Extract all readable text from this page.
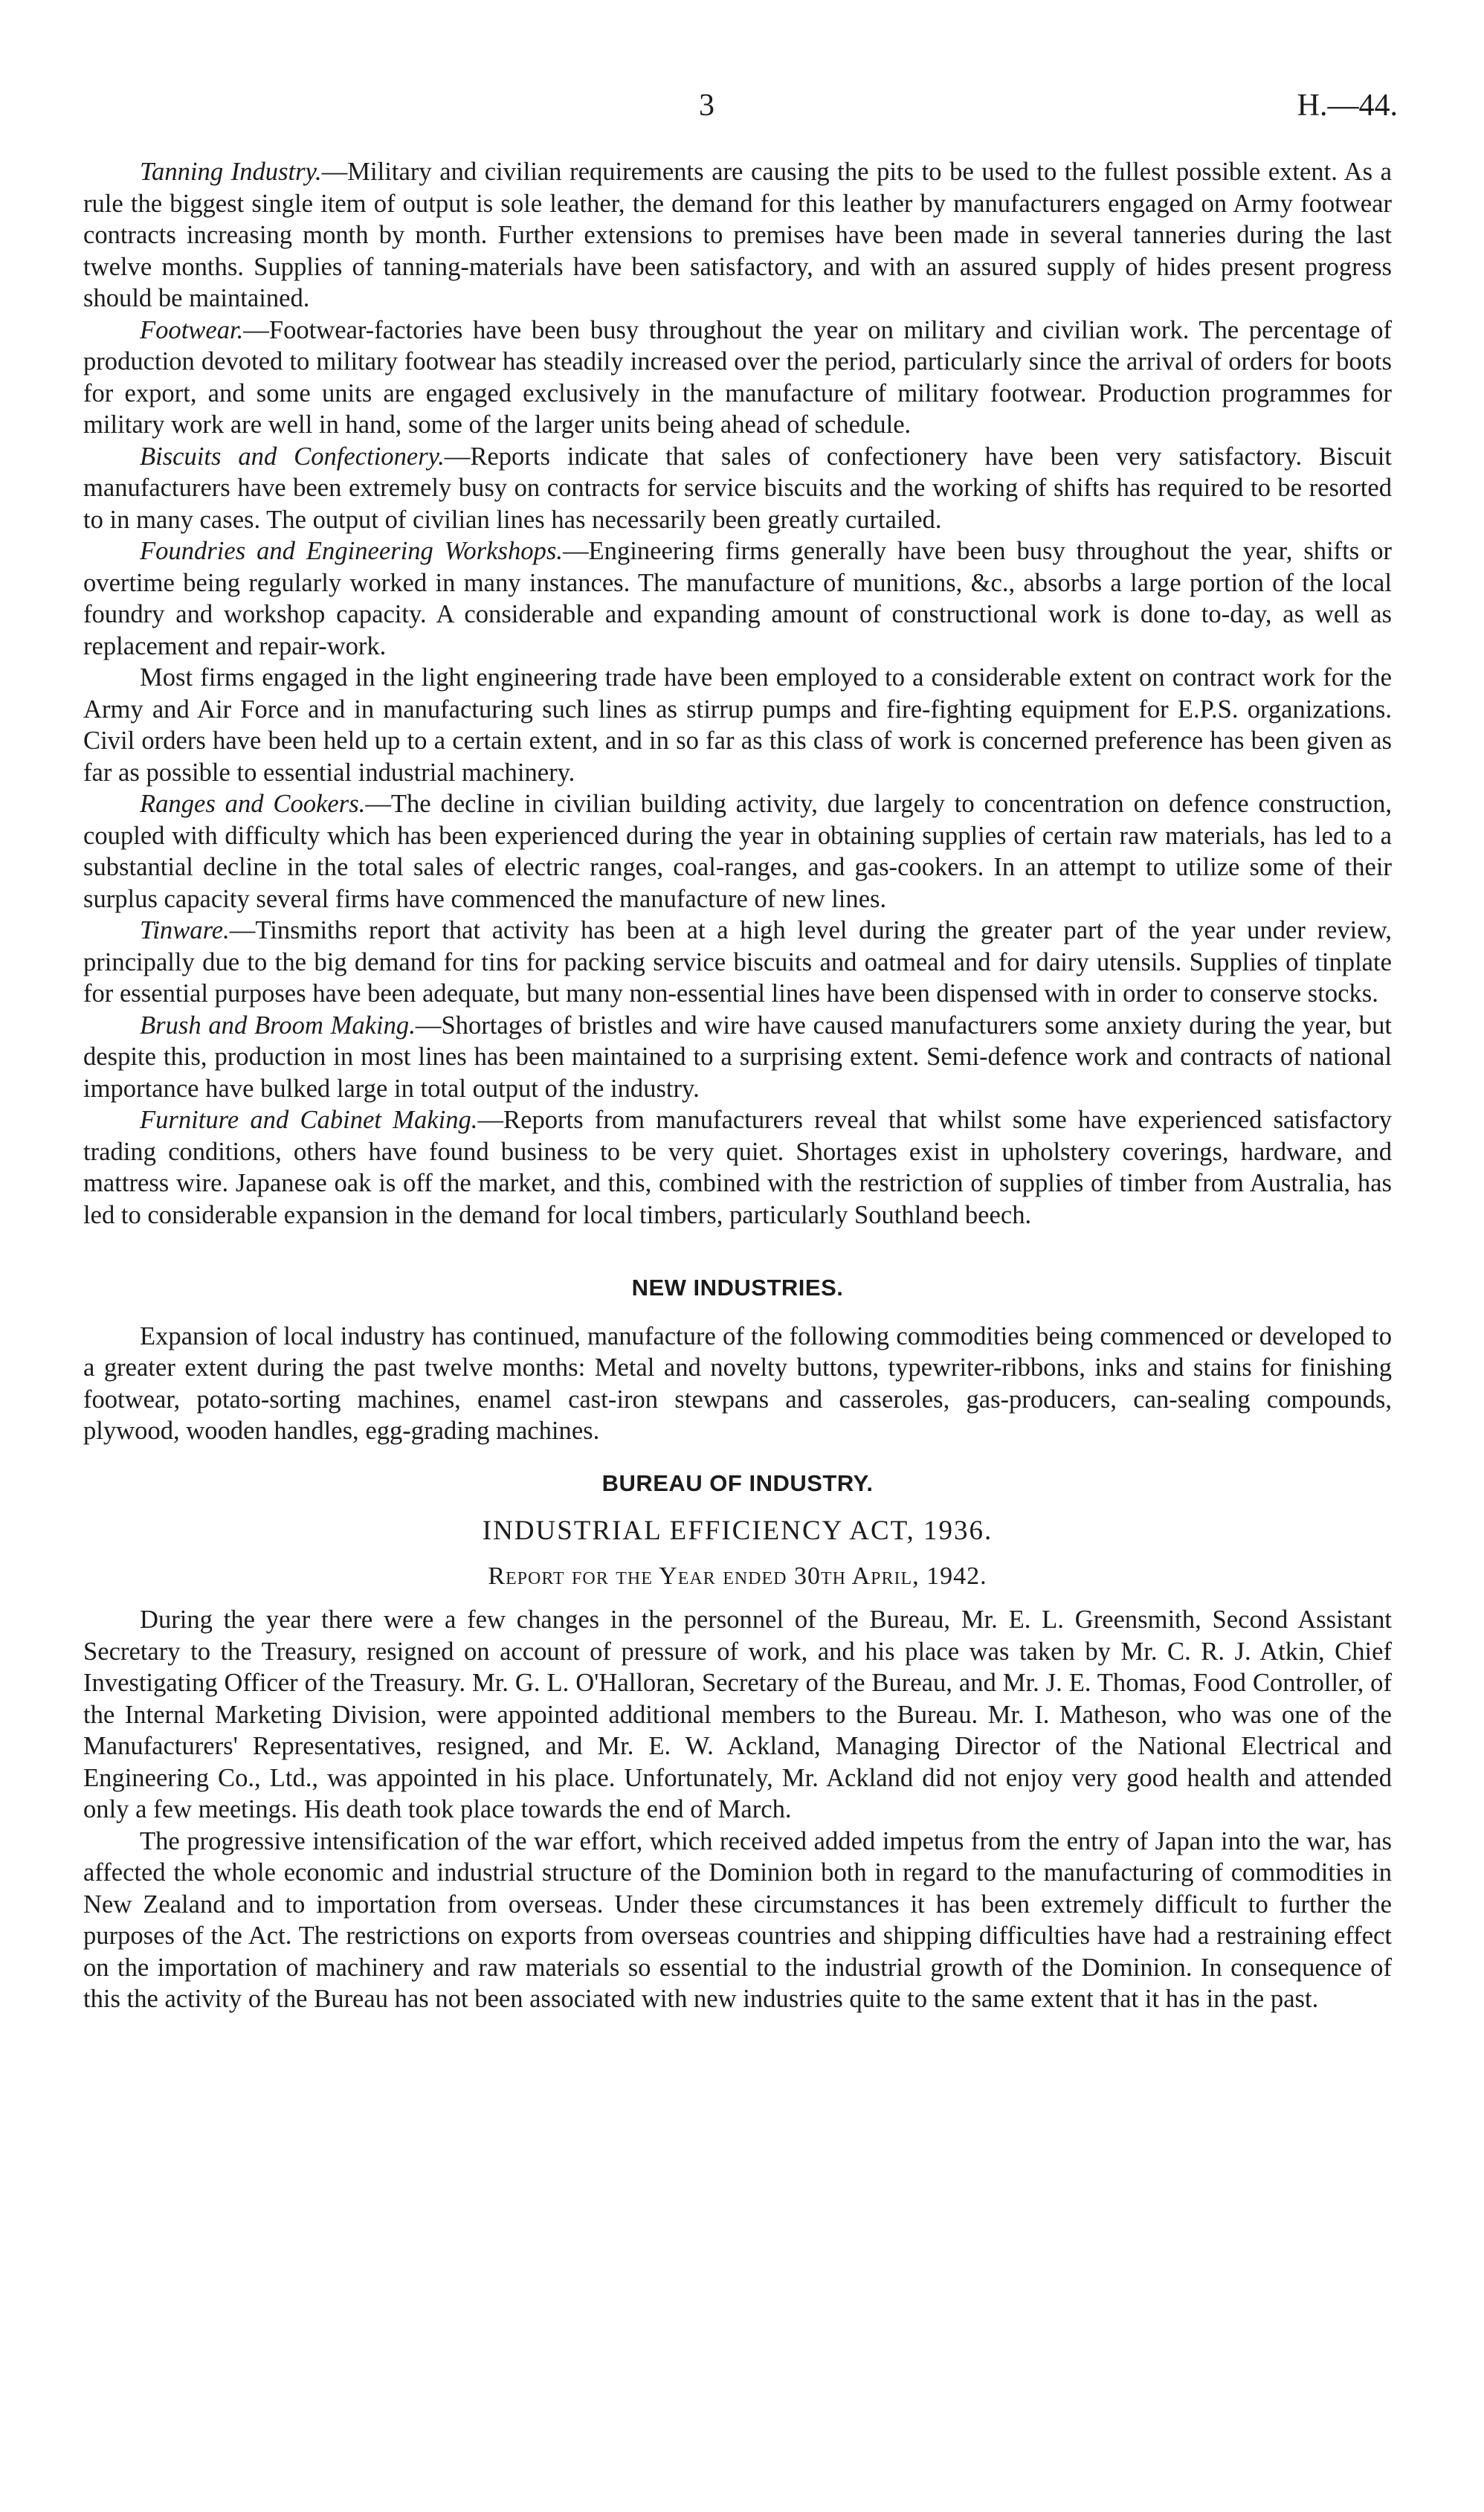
3	H.—44.

Tanning Industry.—Military and civilian requirements are causing the pits to be used to the fullest possible extent. As a rule the biggest single item of output is sole leather, the demand for this leather by manufacturers engaged on Army footwear contracts increasing month by month. Further extensions to premises have been made in several tanneries during the last twelve months. Supplies of tanning-materials have been satisfactory, and with an assured supply of hides present progress should be maintained.

Footwear.—Footwear-factories have been busy throughout the year on military and civilian work. The percentage of production devoted to military footwear has steadily increased over the period, particularly since the arrival of orders for boots for export, and some units are engaged exclusively in the manufacture of military footwear. Production programmes for military work are well in hand, some of the larger units being ahead of schedule.

Biscuits and Confectionery.—Reports indicate that sales of confectionery have been very satisfactory. Biscuit manufacturers have been extremely busy on contracts for service biscuits and the working of shifts has required to be resorted to in many cases. The output of civilian lines has necessarily been greatly curtailed.

Foundries and Engineering Workshops.—Engineering firms generally have been busy throughout the year, shifts or overtime being regularly worked in many instances. The manufacture of munitions, &c., absorbs a large portion of the local foundry and workshop capacity. A considerable and expanding amount of constructional work is done to-day, as well as replacement and repair-work.

Most firms engaged in the light engineering trade have been employed to a considerable extent on contract work for the Army and Air Force and in manufacturing such lines as stirrup pumps and fire-fighting equipment for E.P.S. organizations. Civil orders have been held up to a certain extent, and in so far as this class of work is concerned preference has been given as far as possible to essential industrial machinery.

Ranges and Cookers.—The decline in civilian building activity, due largely to concentration on defence construction, coupled with difficulty which has been experienced during the year in obtaining supplies of certain raw materials, has led to a substantial decline in the total sales of electric ranges, coal-ranges, and gas-cookers. In an attempt to utilize some of their surplus capacity several firms have commenced the manufacture of new lines.

Tinware.—Tinsmiths report that activity has been at a high level during the greater part of the year under review, principally due to the big demand for tins for packing service biscuits and oatmeal and for dairy utensils. Supplies of tinplate for essential purposes have been adequate, but many non-essential lines have been dispensed with in order to conserve stocks.

Brush and Broom Making.—Shortages of bristles and wire have caused manufacturers some anxiety during the year, but despite this, production in most lines has been maintained to a surprising extent. Semi-defence work and contracts of national importance have bulked large in total output of the industry.

Furniture and Cabinet Making.—Reports from manufacturers reveal that whilst some have experienced satisfactory trading conditions, others have found business to be very quiet. Shortages exist in upholstery coverings, hardware, and mattress wire. Japanese oak is off the market, and this, combined with the restriction of supplies of timber from Australia, has led to considerable expansion in the demand for local timbers, particularly Southland beech.

NEW INDUSTRIES.

Expansion of local industry has continued, manufacture of the following commodities being commenced or developed to a greater extent during the past twelve months: Metal and novelty buttons, typewriter-ribbons, inks and stains for finishing footwear, potato-sorting machines, enamel cast-iron stewpans and casseroles, gas-producers, can-sealing compounds, plywood, wooden handles, egg-grading machines.

BUREAU OF INDUSTRY.
INDUSTRIAL EFFICIENCY ACT, 1936.
Report for the Year ended 30th April, 1942.

During the year there were a few changes in the personnel of the Bureau, Mr. E. L. Greensmith, Second Assistant Secretary to the Treasury, resigned on account of pressure of work, and his place was taken by Mr. C. R. J. Atkin, Chief Investigating Officer of the Treasury. Mr. G. L. O'Halloran, Secretary of the Bureau, and Mr. J. E. Thomas, Food Controller, of the Internal Marketing Division, were appointed additional members to the Bureau. Mr. I. Matheson, who was one of the Manufacturers' Representatives, resigned, and Mr. E. W. Ackland, Managing Director of the National Electrical and Engineering Co., Ltd., was appointed in his place. Unfortunately, Mr. Ackland did not enjoy very good health and attended only a few meetings. His death took place towards the end of March.

The progressive intensification of the war effort, which received added impetus from the entry of Japan into the war, has affected the whole economic and industrial structure of the Dominion both in regard to the manufacturing of commodities in New Zealand and to importation from overseas. Under these circumstances it has been extremely difficult to further the purposes of the Act. The restrictions on exports from overseas countries and shipping difficulties have had a restraining effect on the importation of machinery and raw materials so essential to the industrial growth of the Dominion. In consequence of this the activity of the Bureau has not been associated with new industries quite to the same extent that it has in the past.
